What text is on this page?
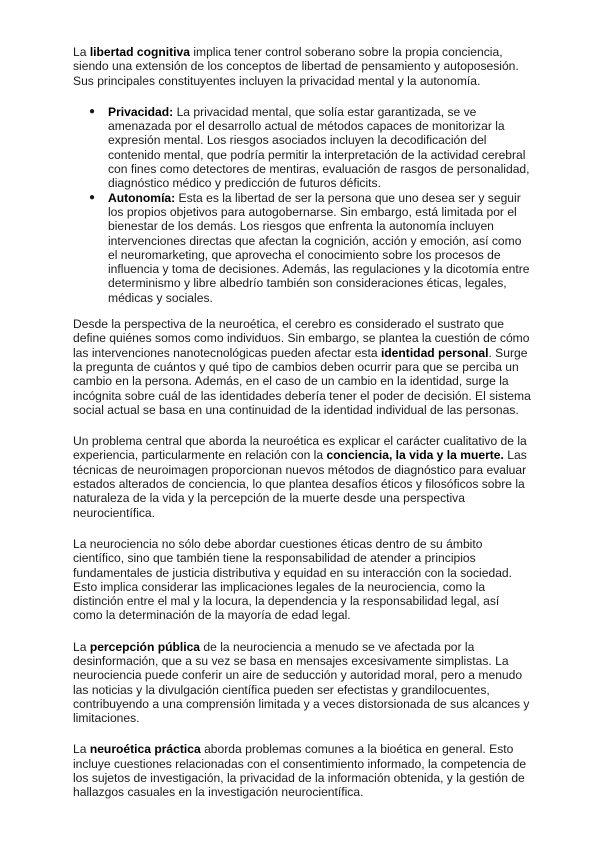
La libertad cognitiva implica tener control soberano sobre la propia conciencia, siendo una extensión de los conceptos de libertad de pensamiento y autoposesión. Sus principales constituyentes incluyen la privacidad mental y la autonomía.

● Privacidad: La privacidad mental, que solía estar garantizada, se ve amenazada por el desarrollo actual de métodos capaces de monitorizar la expresión mental. Los riesgos asociados incluyen la decodificación del contenido mental, que podría permitir la interpretación de la actividad cerebral con fines como detectores de mentiras, evaluación de rasgos de personalidad, diagnóstico médico y predicción de futuros déficits.
● Autonomía: Esta es la libertad de ser la persona que uno desea ser y seguir los propios objetivos para autogobernarse. Sin embargo, está limitada por el bienestar de los demás. Los riesgos que enfrenta la autonomía incluyen intervenciones directas que afectan la cognición, acción y emoción, así como el neuromarketing, que aprovecha el conocimiento sobre los procesos de influencia y toma de decisiones. Además, las regulaciones y la dicotomía entre determinismo y libre albedrío también son consideraciones éticas, legales, médicas y sociales.

Desde la perspectiva de la neuroética, el cerebro es considerado el sustrato que define quiénes somos como individuos. Sin embargo, se plantea la cuestión de cómo las intervenciones nanotecnológicas pueden afectar esta identidad personal. Surge la pregunta de cuántos y qué tipo de cambios deben ocurrir para que se perciba un cambio en la persona. Además, en el caso de un cambio en la identidad, surge la incógnita sobre cuál de las identidades debería tener el poder de decisión. El sistema social actual se basa en una continuidad de la identidad individual de las personas.

Un problema central que aborda la neuroética es explicar el carácter cualitativo de la experiencia, particularmente en relación con la conciencia, la vida y la muerte. Las técnicas de neuroimagen proporcionan nuevos métodos de diagnóstico para evaluar estados alterados de conciencia, lo que plantea desafíos éticos y filosóficos sobre la naturaleza de la vida y la percepción de la muerte desde una perspectiva neurocientífica.

La neurociencia no sólo debe abordar cuestiones éticas dentro de su ámbito científico, sino que también tiene la responsabilidad de atender a principios fundamentales de justicia distributiva y equidad en su interacción con la sociedad. Esto implica considerar las implicaciones legales de la neurociencia, como la distinción entre el mal y la locura, la dependencia y la responsabilidad legal, así como la determinación de la mayoría de edad legal.

La percepción pública de la neurociencia a menudo se ve afectada por la desinformación, que a su vez se basa en mensajes excesivamente simplistas. La neurociencia puede conferir un aire de seducción y autoridad moral, pero a menudo las noticias y la divulgación científica pueden ser efectistas y grandilocuentes, contribuyendo a una comprensión limitada y a veces distorsionada de sus alcances y limitaciones.

La neuroética práctica aborda problemas comunes a la bioética en general. Esto incluye cuestiones relacionadas con el consentimiento informado, la competencia de los sujetos de investigación, la privacidad de la información obtenida, y la gestión de hallazgos casuales en la investigación neurocientífica.
